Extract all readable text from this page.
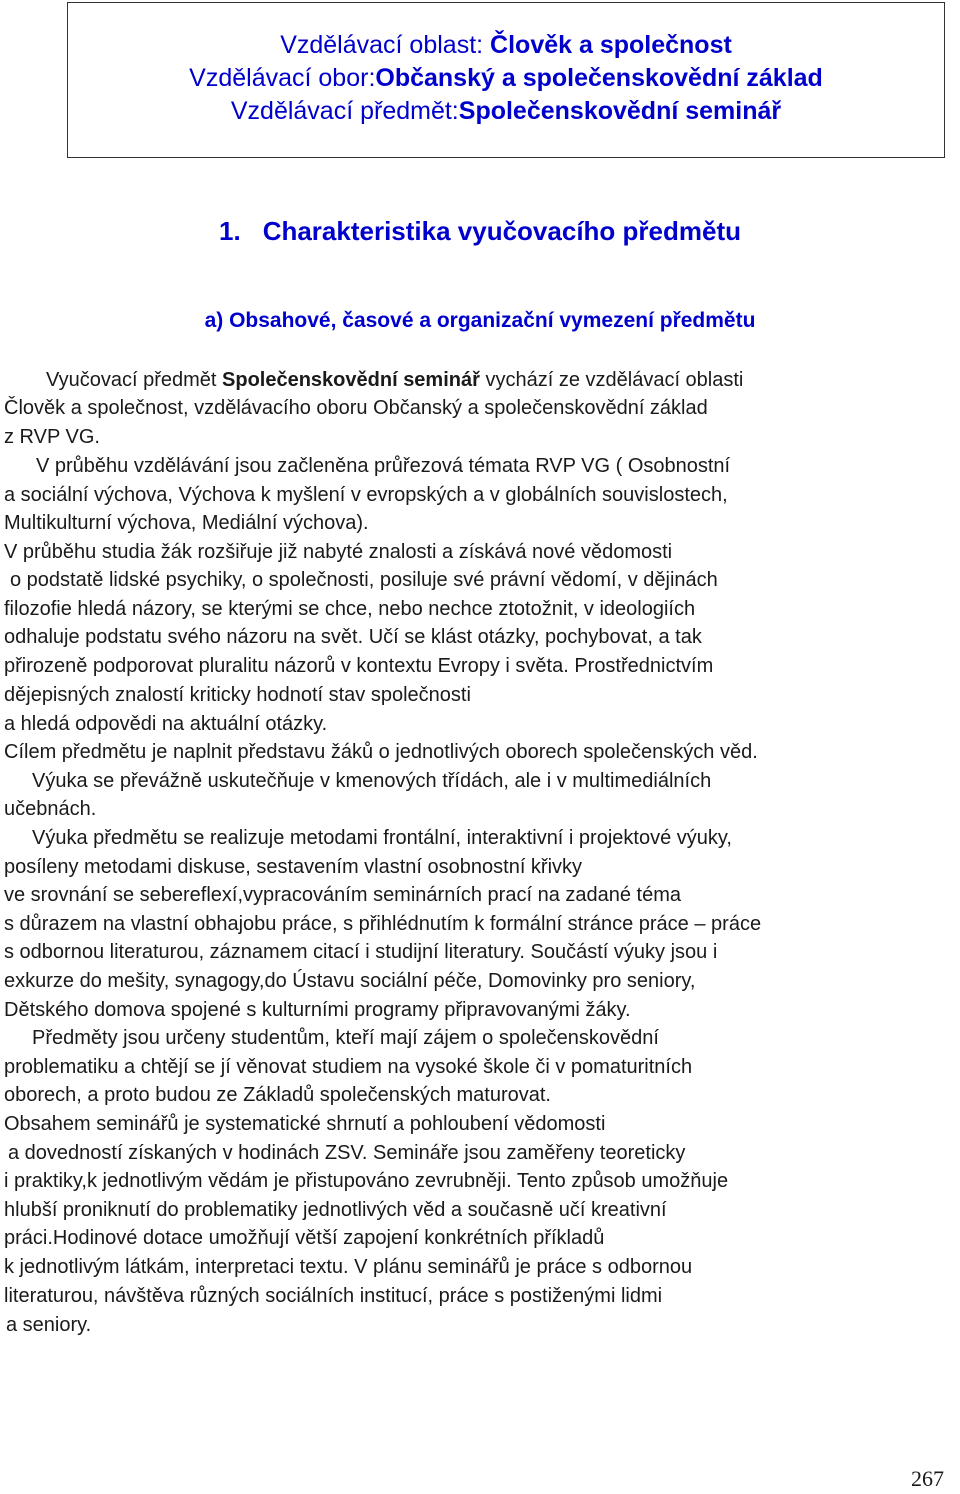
Vzdělávací oblast: Člověk a společnost
Vzdělávací obor:Občanský a společenskovědní základ
Vzdělávací předmět:Společenskovědní seminář
1. Charakteristika vyučovacího předmětu
a) Obsahové, časové a organizační vymezení předmětu
Vyučovací předmět Společenskovědní seminář vychází ze vzdělávací oblasti
Člověk a společnost, vzdělávacího oboru Občanský a společenskovědní základ
z RVP VG.
V průběhu vzdělávání jsou začleněna průřezová témata RVP VG ( Osobnostní
a sociální výchova, Výchova k myšlení v evropských a v globálních souvislostech,
Multikulturní výchova, Mediální výchova).
V průběhu studia žák rozšiřuje již nabyté znalosti a získává nové vědomosti
o podstatě lidské psychiky, o společnosti, posiluje své právní vědomí, v dějinách
filozofie hledá názory, se kterými se chce, nebo nechce ztotožnit, v ideologiích
odhaluje podstatu svého názoru na svět. Učí se klást otázky, pochybovat, a tak
přirozeně podporovat pluralitu názorů v kontextu Evropy i světa. Prostřednictvím
dějepisných znalostí kriticky hodnotí stav společnosti
a hledá odpovědi na aktuální otázky.
Cílem předmětu je naplnit představu žáků o jednotlivých oborech společenských věd.
Výuka se převážně uskutečňuje v kmenových třídách, ale i v multimediálních
učebnách.
Výuka předmětu se realizuje metodami frontální, interaktivní i projektové výuky,
posíleny metodami diskuse, sestavením vlastní osobnostní křivky
ve srovnání se sebereflexí,vypracováním seminárních prací na zadané téma
s důrazem na vlastní obhajobu práce, s přihlédnutím k formální stránce práce – práce
s odbornou literaturou, záznamem citací i studijní literatury. Součástí výuky jsou i
exkurze do mešity, synagogy,do Ústavu sociální péče, Domovinky pro seniory,
Dětského domova spojené s kulturními programy připravovanými žáky.
Předměty jsou určeny studentům, kteří mají zájem o společenskovědní
problematiku a chtějí se jí věnovat studiem na vysoké škole či v pomaturitních
oborech, a proto budou ze Základů společenských maturovat.
Obsahem seminářů je systematické shrnutí a pohloubení vědomosti
a dovedností získaných v hodinách ZSV. Semináře jsou zaměřeny teoreticky
i praktiky,k jednotlivým vědám je přistupováno zevrubněji. Tento způsob umožňuje
hlubší proniknutí do problematiky jednotlivých věd a současně učí kreativní
práci.Hodinové dotace umožňují větší zapojení konkrétních příkladů
k jednotlivým látkám, interpretaci textu. V plánu seminářů je práce s odbornou
literaturou, návštěva různých sociálních institucí, práce s postiženými lidmi
a seniory.
267
